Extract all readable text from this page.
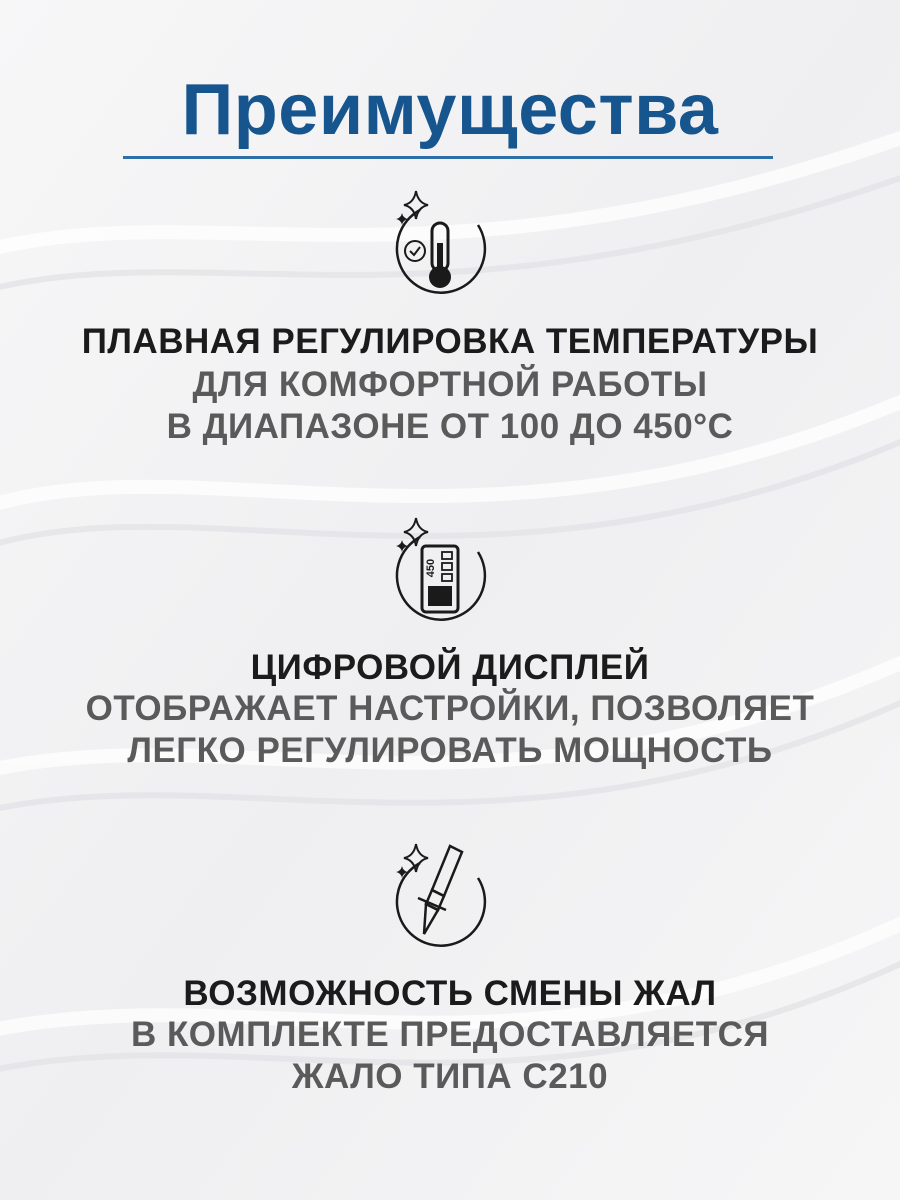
Преимущества
ПЛАВНАЯ РЕГУЛИРОВКА ТЕМПЕРАТУРЫ
ДЛЯ КОМФОРТНОЙ РАБОТЫ
В ДИАПАЗОНЕ ОТ 100 ДО 450°С
450
ЦИФРОВОЙ ДИСПЛЕЙ
ОТОБРАЖАЕТ НАСТРОЙКИ, ПОЗВОЛЯЕТ
ЛЕГКО РЕГУЛИРОВАТЬ МОЩНОСТЬ
ВОЗМОЖНОСТЬ СМЕНЫ ЖАЛ
В КОМПЛЕКТЕ ПРЕДОСТАВЛЯЕТСЯ
ЖАЛО ТИПА С210
